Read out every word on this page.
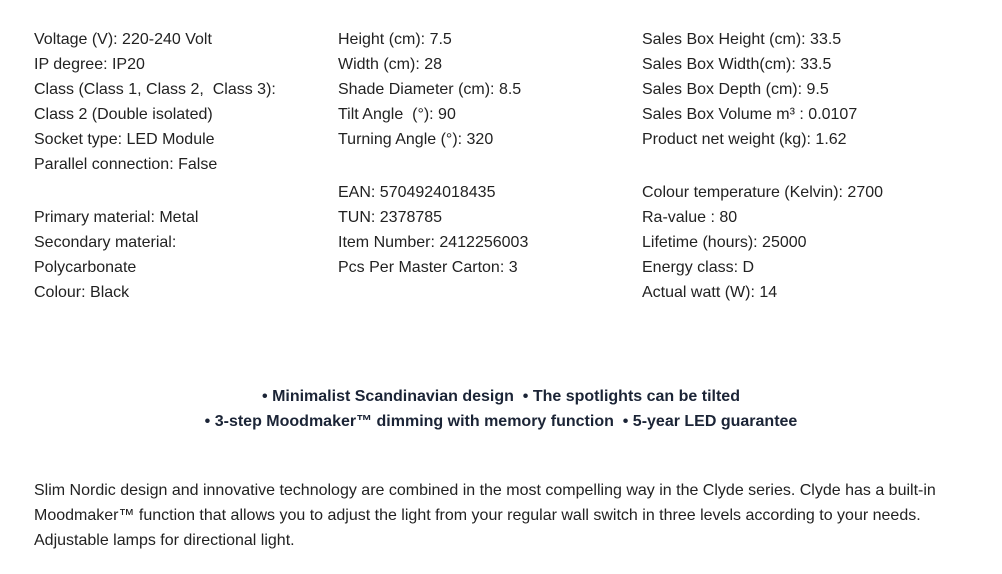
Voltage (V): 220-240 Volt
IP degree: IP20
Class (Class 1, Class 2,  Class 3):
Class 2 (Double isolated)
Socket type: LED Module
Parallel connection: False
Primary material: Metal
Secondary material:
Polycarbonate
Colour: Black
Height (cm): 7.5
Width (cm): 28
Shade Diameter (cm): 8.5
Tilt Angle  (°): 90
Turning Angle (°): 320

EAN: 5704924018435
TUN: 2378785
Item Number: 2412256003
Pcs Per Master Carton: 3
Sales Box Height (cm): 33.5
Sales Box Width(cm): 33.5
Sales Box Depth (cm): 9.5
Sales Box Volume m³ : 0.0107
Product net weight (kg): 1.62

Colour temperature (Kelvin): 2700
Ra-value : 80
Lifetime (hours): 25000
Energy class: D
Actual watt (W): 14
• Minimalist Scandinavian design  • The spotlights can be tilted
• 3-step Moodmaker™ dimming with memory function  • 5-year LED guarantee
Slim Nordic design and innovative technology are combined in the most compelling way in the Clyde series. Clyde has a built-in
Moodmaker™ function that allows you to adjust the light from your regular wall switch in three levels according to your needs.
Adjustable lamps for directional light.
